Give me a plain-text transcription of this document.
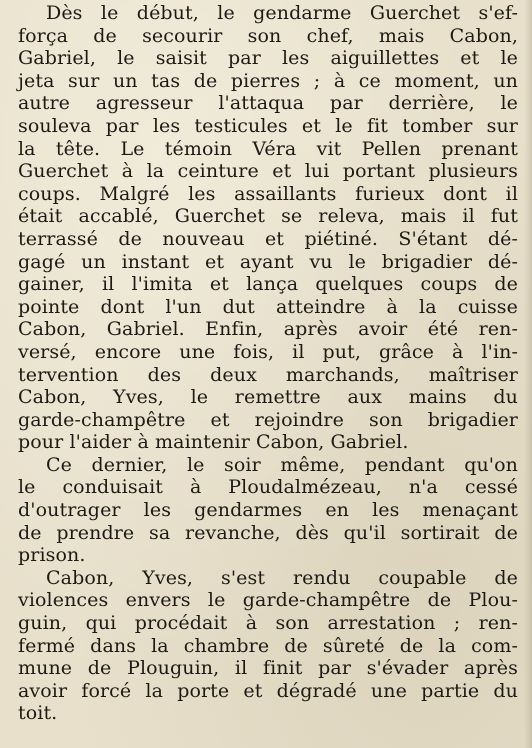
Dès le début, le gendarme Guerchet s'ef-
força de secourir son chef, mais Cabon,
Gabriel, le saisit par les aiguillettes et le
jeta sur un tas de pierres ; à ce moment, un
autre agresseur l'attaqua par derrière, le
souleva par les testicules et le fit tomber sur
la tête. Le témoin Véra vit Pellen prenant
Guerchet à la ceinture et lui portant plusieurs
coups. Malgré les assaillants furieux dont il
était accablé, Guerchet se releva, mais il fut
terrassé de nouveau et piétiné. S'étant dé-
gagé un instant et ayant vu le brigadier dé-
gainer, il l'imita et lança quelques coups de
pointe dont l'un dut atteindre à la cuisse
Cabon, Gabriel. Enfin, après avoir été ren-
versé, encore une fois, il put, grâce à l'in-
tervention des deux marchands, maîtriser
Cabon, Yves, le remettre aux mains du
garde-champêtre et rejoindre son brigadier
pour l'aider à maintenir Cabon, Gabriel.
Ce dernier, le soir même, pendant qu'on
le conduisait à Ploudalmézeau, n'a cessé
d'outrager les gendarmes en les menaçant
de prendre sa revanche, dès qu'il sortirait de
prison.
Cabon, Yves, s'est rendu coupable de
violences envers le garde-champêtre de Plou-
guin, qui procédait à son arrestation ; ren-
fermé dans la chambre de sûreté de la com-
mune de Plouguin, il finit par s'évader après
avoir forcé la porte et dégradé une partie du
toit.
